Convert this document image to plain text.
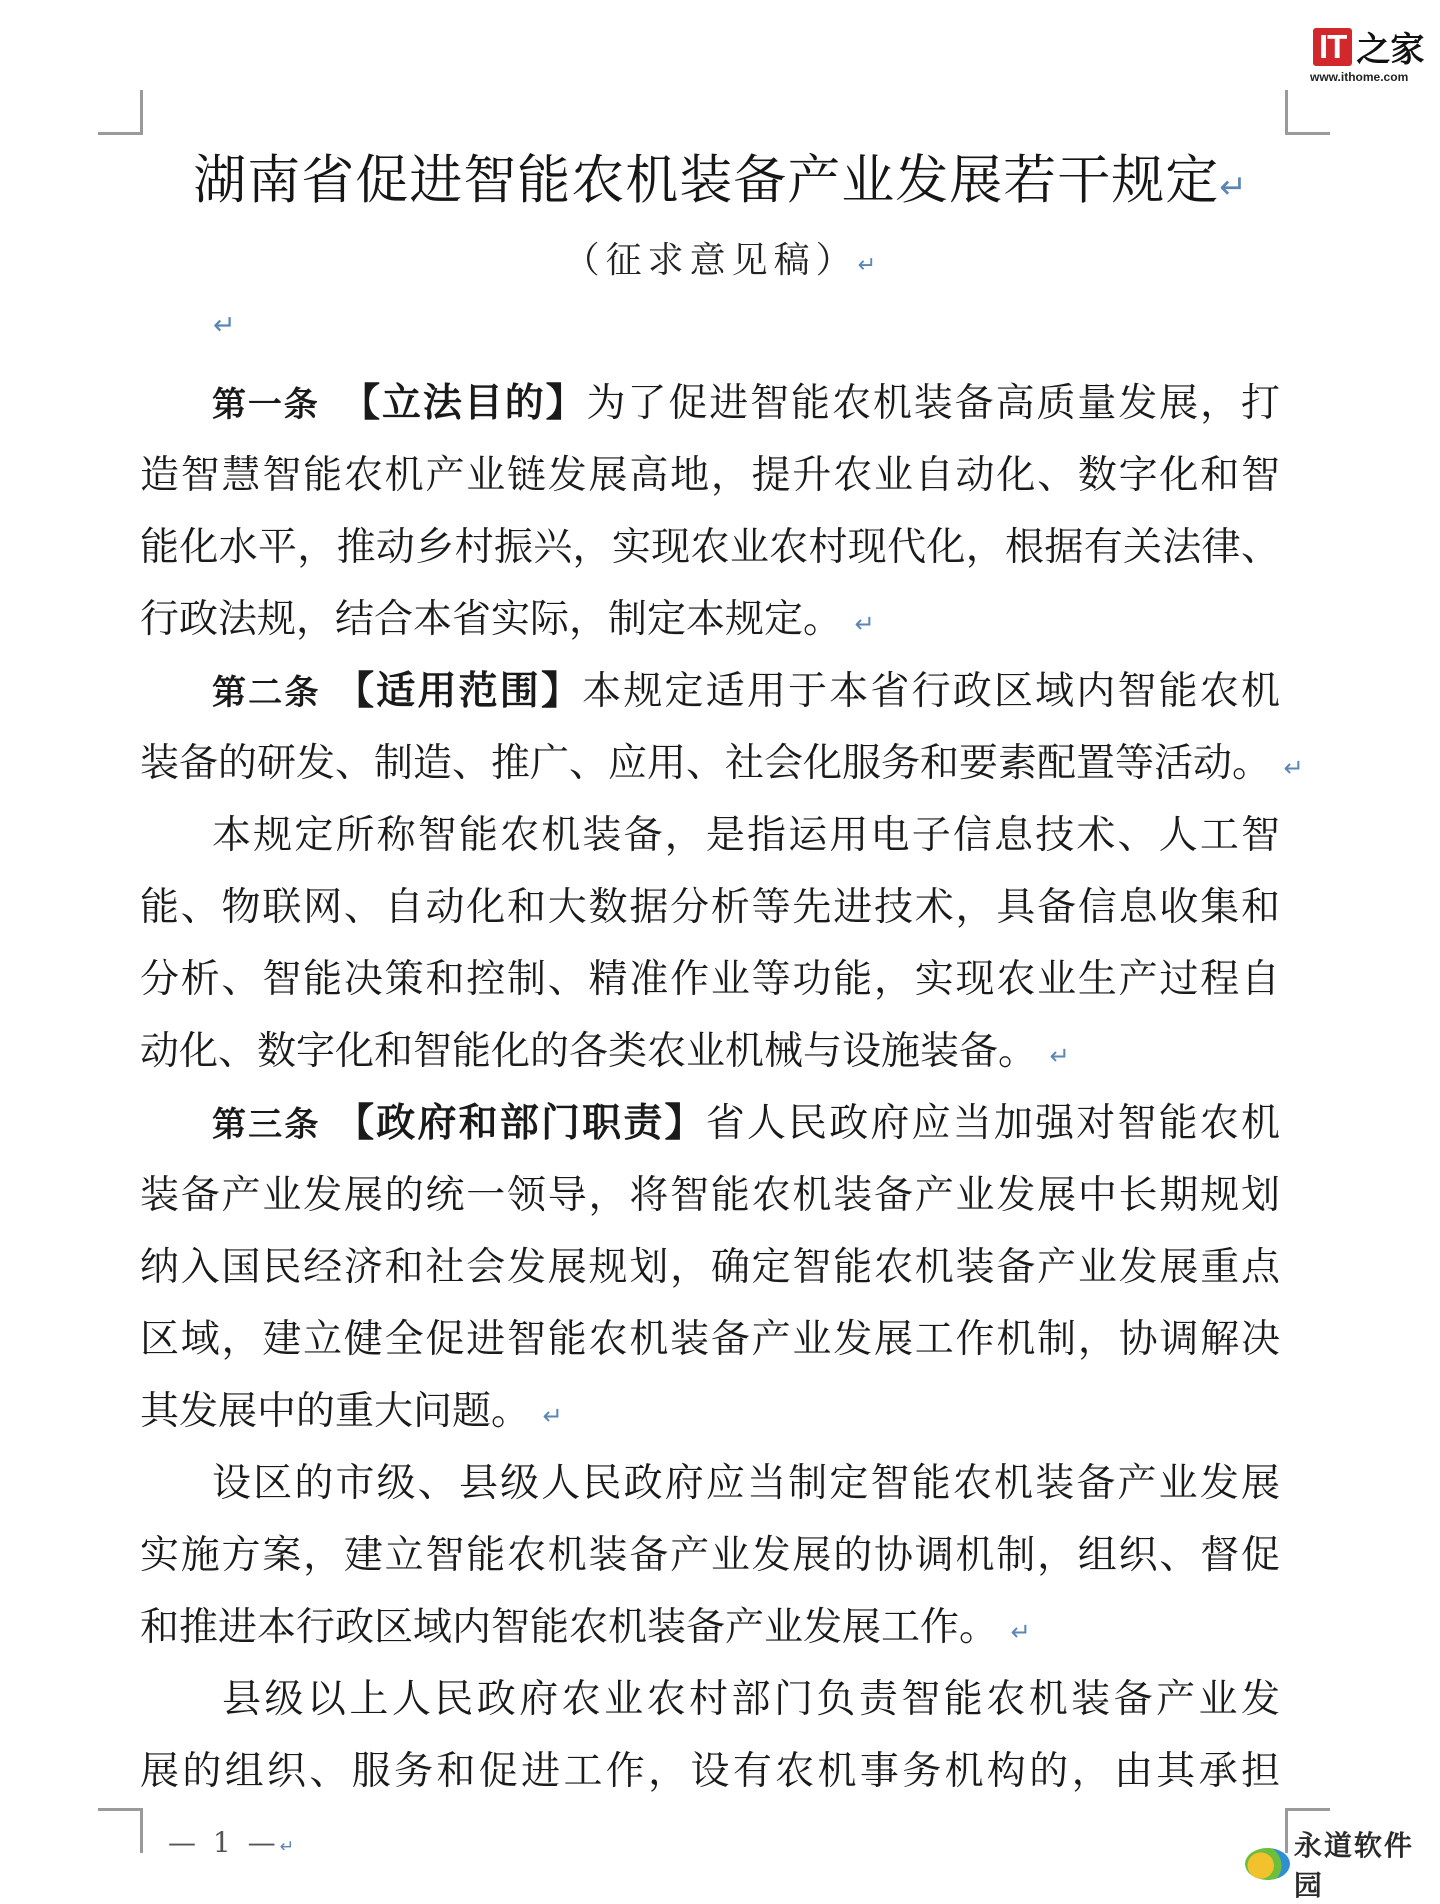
IT 之家
www.ithome.com
湖南省促进智能农机装备产业发展若干规定↵
（征求意见稿）↵
↵
第一条　 【立法目的】为了促进智能农机装备高质量发展，打
造智慧智能农机产业链发展高地，提升农业自动化、数字化和智
能化水平，推动乡村振兴，实现农业农村现代化，根据有关法律、
行政法规，结合本省实际，制定本规定。 ↵
第二条 【适用范围】本规定适用于本省行政区域内智能农机
装备的研发、制造、推广、应用、社会化服务和要素配置等活动。 ↵
本规定所称智能农机装备，是指运用电子信息技术、人工智
能、物联网、自动化和大数据分析等先进技术，具备信息收集和
分析、智能决策和控制、精准作业等功能，实现农业生产过程自
动化、数字化和智能化的各类农业机械与设施装备。 ↵
第三条 【政府和部门职责】省人民政府应当加强对智能农机
装备产业发展的统一领导，将智能农机装备产业发展中长期规划
纳入国民经济和社会发展规划，确定智能农机装备产业发展重点
区域，建立健全促进智能农机装备产业发展工作机制，协调解决
其发展中的重大问题。 ↵
设区的市级、县级人民政府应当制定智能农机装备产业发展
实施方案，建立智能农机装备产业发展的协调机制，组织、督促
和推进本行政区域内智能农机装备产业发展工作。 ↵
县级以上人民政府农业农村部门负责智能农机装备产业发
展的组织、服务和促进工作，设有农机事务机构的，由其承担
— 1 —↵	永道软件园
